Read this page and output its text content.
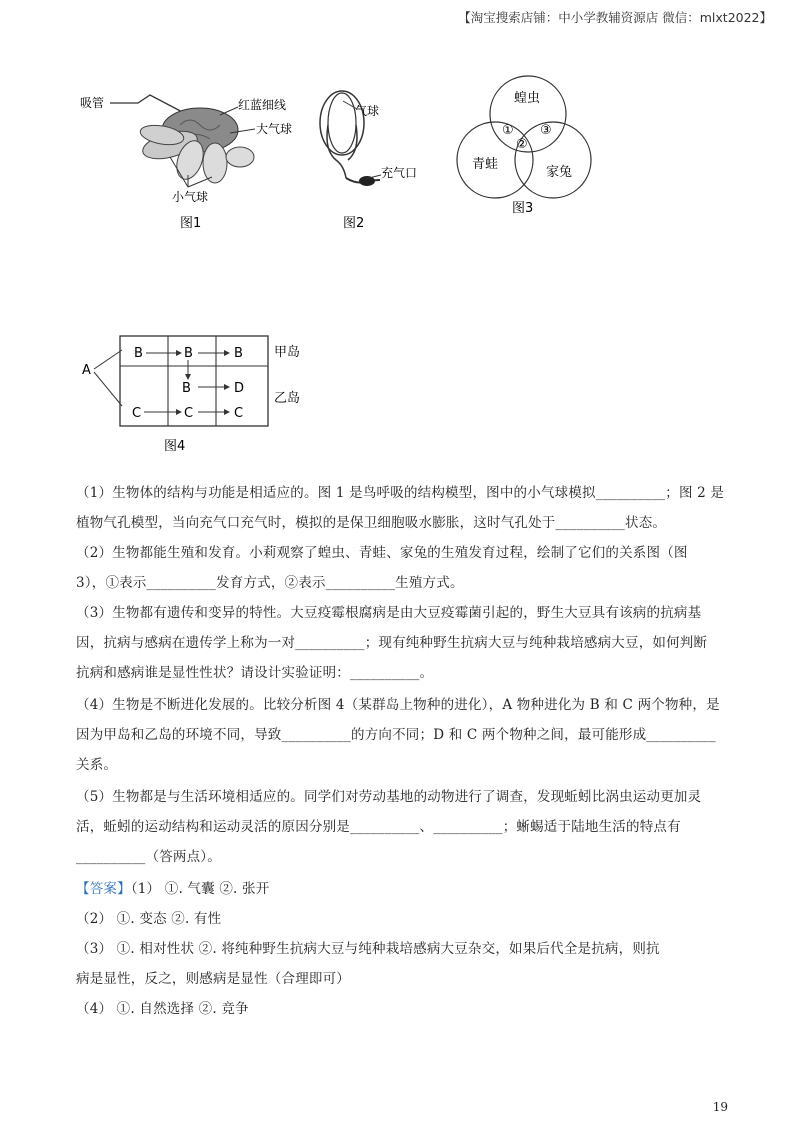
【淘宝搜索店铺：中小学教辅资源店 微信：mlxt2022】
吸管	红蓝细线
大气球
小气球
图1
气球
充气口
图2
蝗虫
青蛙
家兔
①
②
③
图3
A
B	B	B
B	D
C	C	C
甲岛
乙岛
图4
（1）生物体的结构与功能是相适应的。图 1 是鸟呼吸的结构模型，图中的小气球模拟__________；图 2 是
植物气孔模型，当向充气口充气时，模拟的是保卫细胞吸水膨胀，这时气孔处于__________状态。
（2）生物都能生殖和发育。小莉观察了蝗虫、青蛙、家兔的生殖发育过程，绘制了它们的关系图（图
3），①表示__________发育方式，②表示__________生殖方式。
（3）生物都有遗传和变异的特性。大豆疫霉根腐病是由大豆疫霉菌引起的，野生大豆具有该病的抗病基
因，抗病与感病在遗传学上称为一对__________；现有纯种野生抗病大豆与纯种栽培感病大豆，如何判断
抗病和感病谁是显性性状？请设计实验证明：__________。
（4）生物是不断进化发展的。比较分析图 4（某群岛上物种的进化），A 物种进化为 B 和 C 两个物种，是
因为甲岛和乙岛的环境不同，导致__________的方向不同；D 和 C 两个物种之间，最可能形成__________
关系。
（5）生物都是与生活环境相适应的。同学们对劳动基地的动物进行了调查，发现蚯蚓比涡虫运动更加灵
活，蚯蚓的运动结构和运动灵活的原因分别是__________、__________；蜥蜴适于陆地生活的特点有
__________（答两点）。
【答案】（1） ①. 气囊 ②. 张开
（2） ①. 变态 ②. 有性
（3） ①. 相对性状 ②. 将纯种野生抗病大豆与纯种栽培感病大豆杂交，如果后代全是抗病，则抗
病是显性，反之，则感病是显性（合理即可）
（4） ①. 自然选择 ②. 竞争
19
